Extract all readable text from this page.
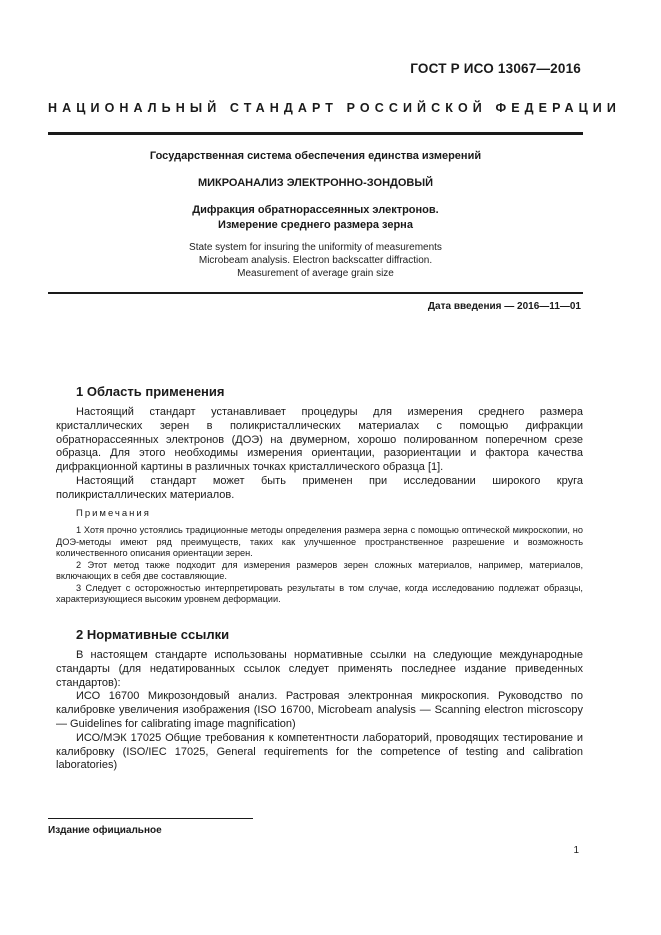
ГОСТ Р ИСО 13067—2016
НАЦИОНАЛЬНЫЙ СТАНДАРТ РОССИЙСКОЙ ФЕДЕРАЦИИ
Государственная система обеспечения единства измерений
МИКРОАНАЛИЗ ЭЛЕКТРОННО-ЗОНДОВЫЙ
Дифракция обратнорассеянных электронов.
Измерение среднего размера зерна
State system for insuring the uniformity of measurements
Microbeam analysis. Electron backscatter diffraction.
Measurement of average grain size
Дата введения — 2016—11—01
1 Область применения

Настоящий стандарт устанавливает процедуры для измерения среднего размера кристаллических зерен в поликристаллических материалах с помощью дифракции обратнорассеянных электронов (ДОЭ) на двумерном, хорошо полированном поперечном срезе образца. Для этого необходимы измерения ориентации, разориентации и фактора качества дифракционной картины в различных точках кристаллического образца [1].

Настоящий стандарт может быть применен при исследовании широкого круга поликристаллических материалов.

Примечания

1 Хотя прочно устоялись традиционные методы определения размера зерна с помощью оптической микроскопии, но ДОЭ-методы имеют ряд преимуществ, таких как улучшенное пространственное разрешение и возможность количественного описания ориентации зерен.

2 Этот метод также подходит для измерения размеров зерен сложных материалов, например, материалов, включающих в себя две составляющие.

3 Следует с осторожностью интерпретировать результаты в том случае, когда исследованию подлежат образцы, характеризующиеся высоким уровнем деформации.

2 Нормативные ссылки

В настоящем стандарте использованы нормативные ссылки на следующие международные стандарты (для недатированных ссылок следует применять последнее издание приведенных стандартов):

ИСО 16700 Микрозондовый анализ. Растровая электронная микроскопия. Руководство по калибровке увеличения изображения (ISO 16700, Microbeam analysis — Scanning electron microscopy — Guidelines for calibrating image magnification)

ИСО/МЭК 17025 Общие требования к компетентности лабораторий, проводящих тестирование и калибровку (ISO/IEC 17025, General requirements for the competence of testing and calibration laboratories)

Издание официальное
1
